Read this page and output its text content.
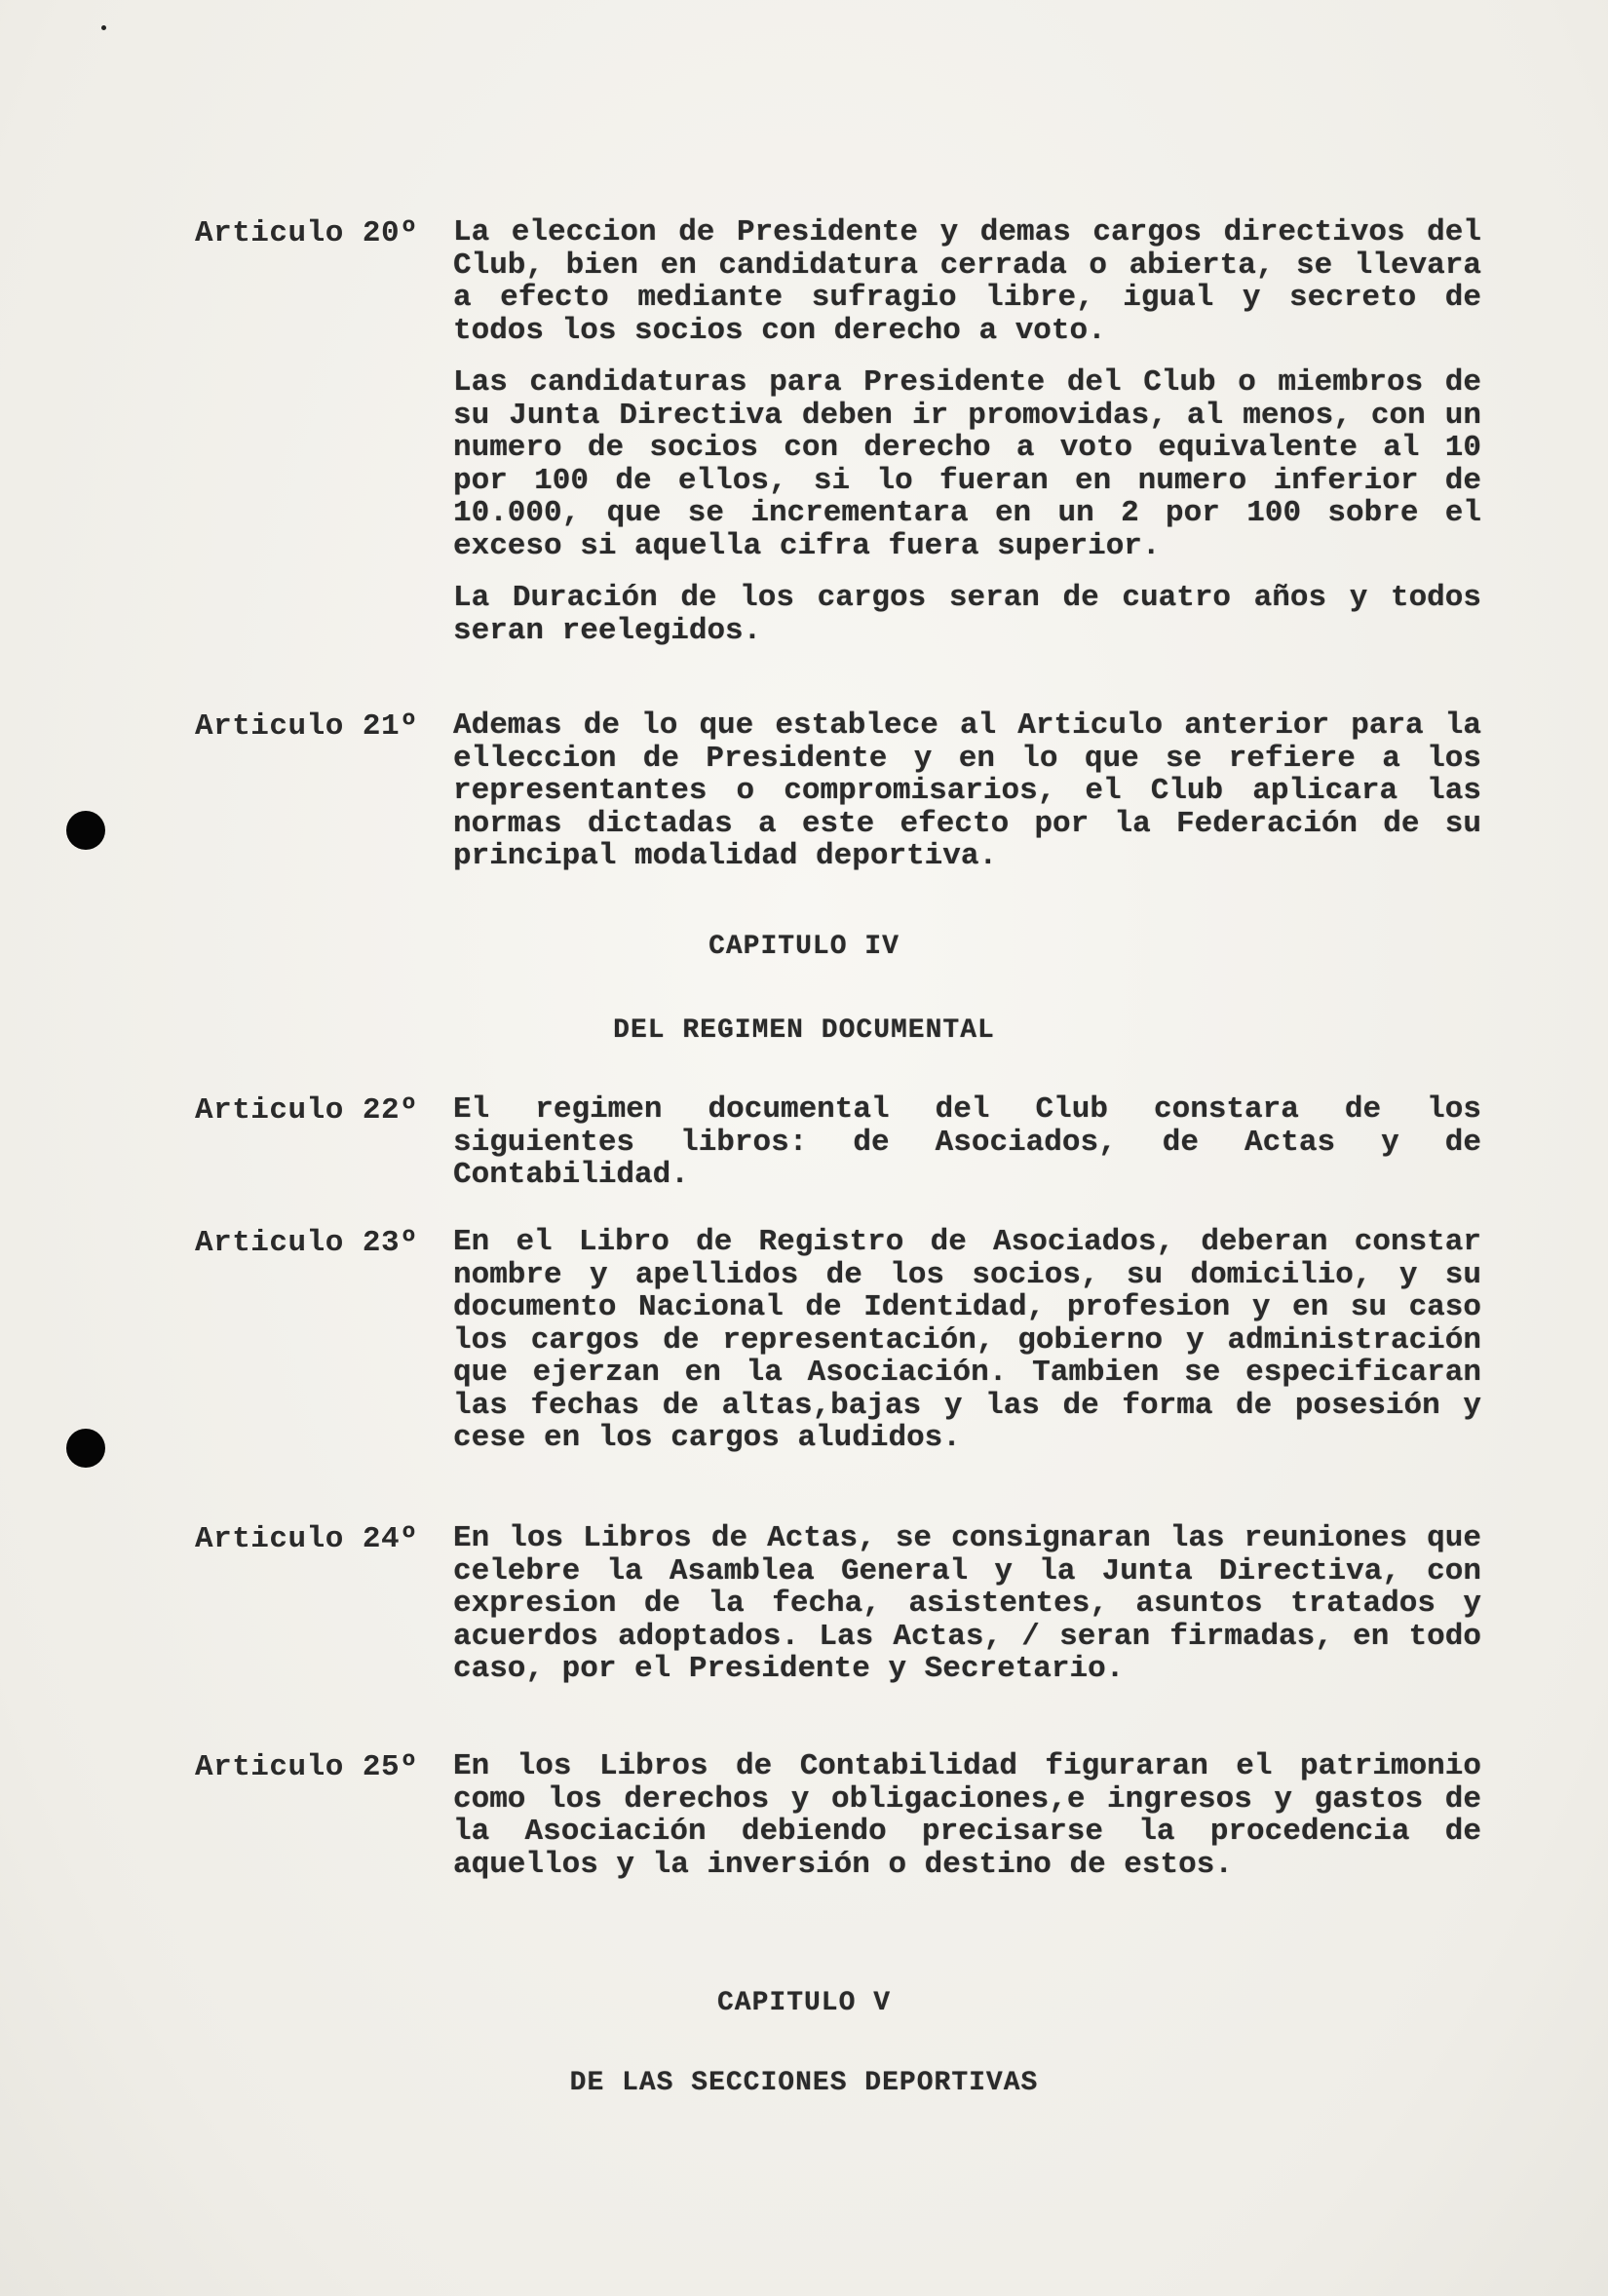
Articulo 20º La eleccion de Presidente y demas cargos directivos del Club, bien en candidatura cerrada o abierta, se llevara a efecto mediante sufragio libre, igual y secreto de todos los socios con derecho a voto.

Las candidaturas para Presidente del Club o miembros de su Junta Directiva deben ir promovidas, al menos, con un numero de socios con derecho a voto equivalente al 10 por 100 de ellos, si lo fueran en numero inferior de 10.000, que se incrementara en un 2 por 100 sobre el exceso si aquella cifra fuera superior.

La Duración de los cargos seran de cuatro años y todos seran reelegidos.

Articulo 21º Ademas de lo que establece al Articulo anterior para la elleccion de Presidente y en lo que se refiere a los representantes o compromisarios, el Club aplicara las normas dictadas a este efecto por la Federación de su principal modalidad deportiva.

CAPITULO IV
DEL REGIMEN DOCUMENTAL
Articulo 22º El regimen documental del Club constara de los siguientes libros: de Asociados, de Actas y de Contabilidad.

Articulo 23º En el Libro de Registro de Asociados, deberan constar nombre y apellidos de los socios, su domicilio, y su documento Nacional de Identidad, profesion y en su caso los cargos de representación, gobierno y administración que ejerzan en la Asociación. Tambien se especificaran las fechas de altas,bajas y las de forma de posesión y cese en los cargos aludidos.

Articulo 24º En los Libros de Actas, se consignaran las reuniones que celebre la Asamblea General y la Junta Directiva, con expresion de la fecha, asistentes, asuntos tratados y acuerdos adoptados. Las Actas, / seran firmadas, en todo caso, por el Presidente y Secretario.

Articulo 25º En los Libros de Contabilidad figuraran el patrimonio como los derechos y obligaciones,e ingresos y gastos de la Asociación debiendo precisarse la procedencia de aquellos y la inversión o destino de estos.

CAPITULO V
DE LAS SECCIONES DEPORTIVAS
